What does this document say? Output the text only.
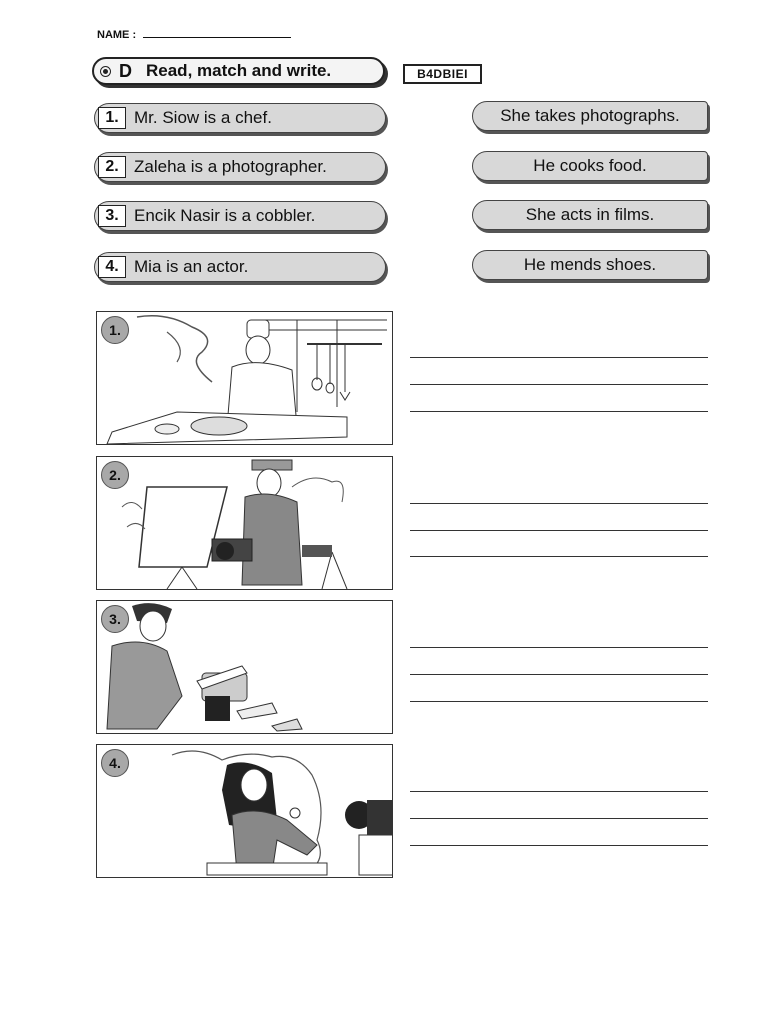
NAME :
D Read, match and write.	B4DBIEI
1. Mr. Siow is a chef.
2. Zaleha is a photographer.
3. Encik Nasir is a cobbler.
4. Mia is an actor.
She takes photographs.
He cooks food.
She acts in films.
He mends shoes.
1.
2.
3.
4.
